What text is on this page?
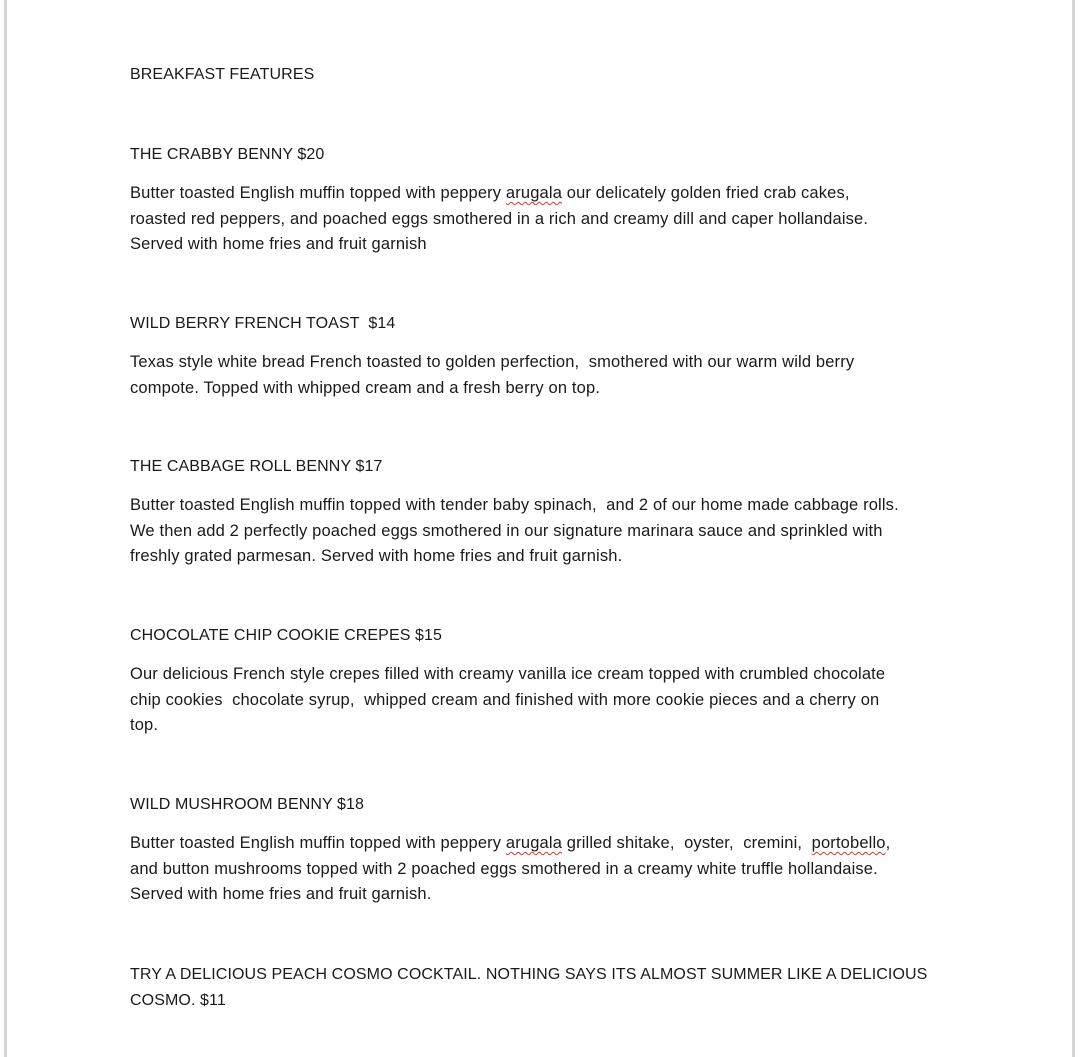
BREAKFAST FEATURES
THE CRABBY BENNY $20
Butter toasted English muffin topped with peppery arugala our delicately golden fried crab cakes,
roasted red peppers, and poached eggs smothered in a rich and creamy dill and caper hollandaise.
Served with home fries and fruit garnish
WILD BERRY FRENCH TOAST  $14
Texas style white bread French toasted to golden perfection,  smothered with our warm wild berry
compote. Topped with whipped cream and a fresh berry on top.
THE CABBAGE ROLL BENNY $17
Butter toasted English muffin topped with tender baby spinach,  and 2 of our home made cabbage rolls.
We then add 2 perfectly poached eggs smothered in our signature marinara sauce and sprinkled with
freshly grated parmesan. Served with home fries and fruit garnish.
CHOCOLATE CHIP COOKIE CREPES $15
Our delicious French style crepes filled with creamy vanilla ice cream topped with crumbled chocolate
chip cookies  chocolate syrup,  whipped cream and finished with more cookie pieces and a cherry on
top.
WILD MUSHROOM BENNY $18
Butter toasted English muffin topped with peppery arugala grilled shitake,  oyster,  cremini,  portobello,
and button mushrooms topped with 2 poached eggs smothered in a creamy white truffle hollandaise.
Served with home fries and fruit garnish.
TRY A DELICIOUS PEACH COSMO COCKTAIL. NOTHING SAYS ITS ALMOST SUMMER LIKE A DELICIOUS
COSMO. $11
